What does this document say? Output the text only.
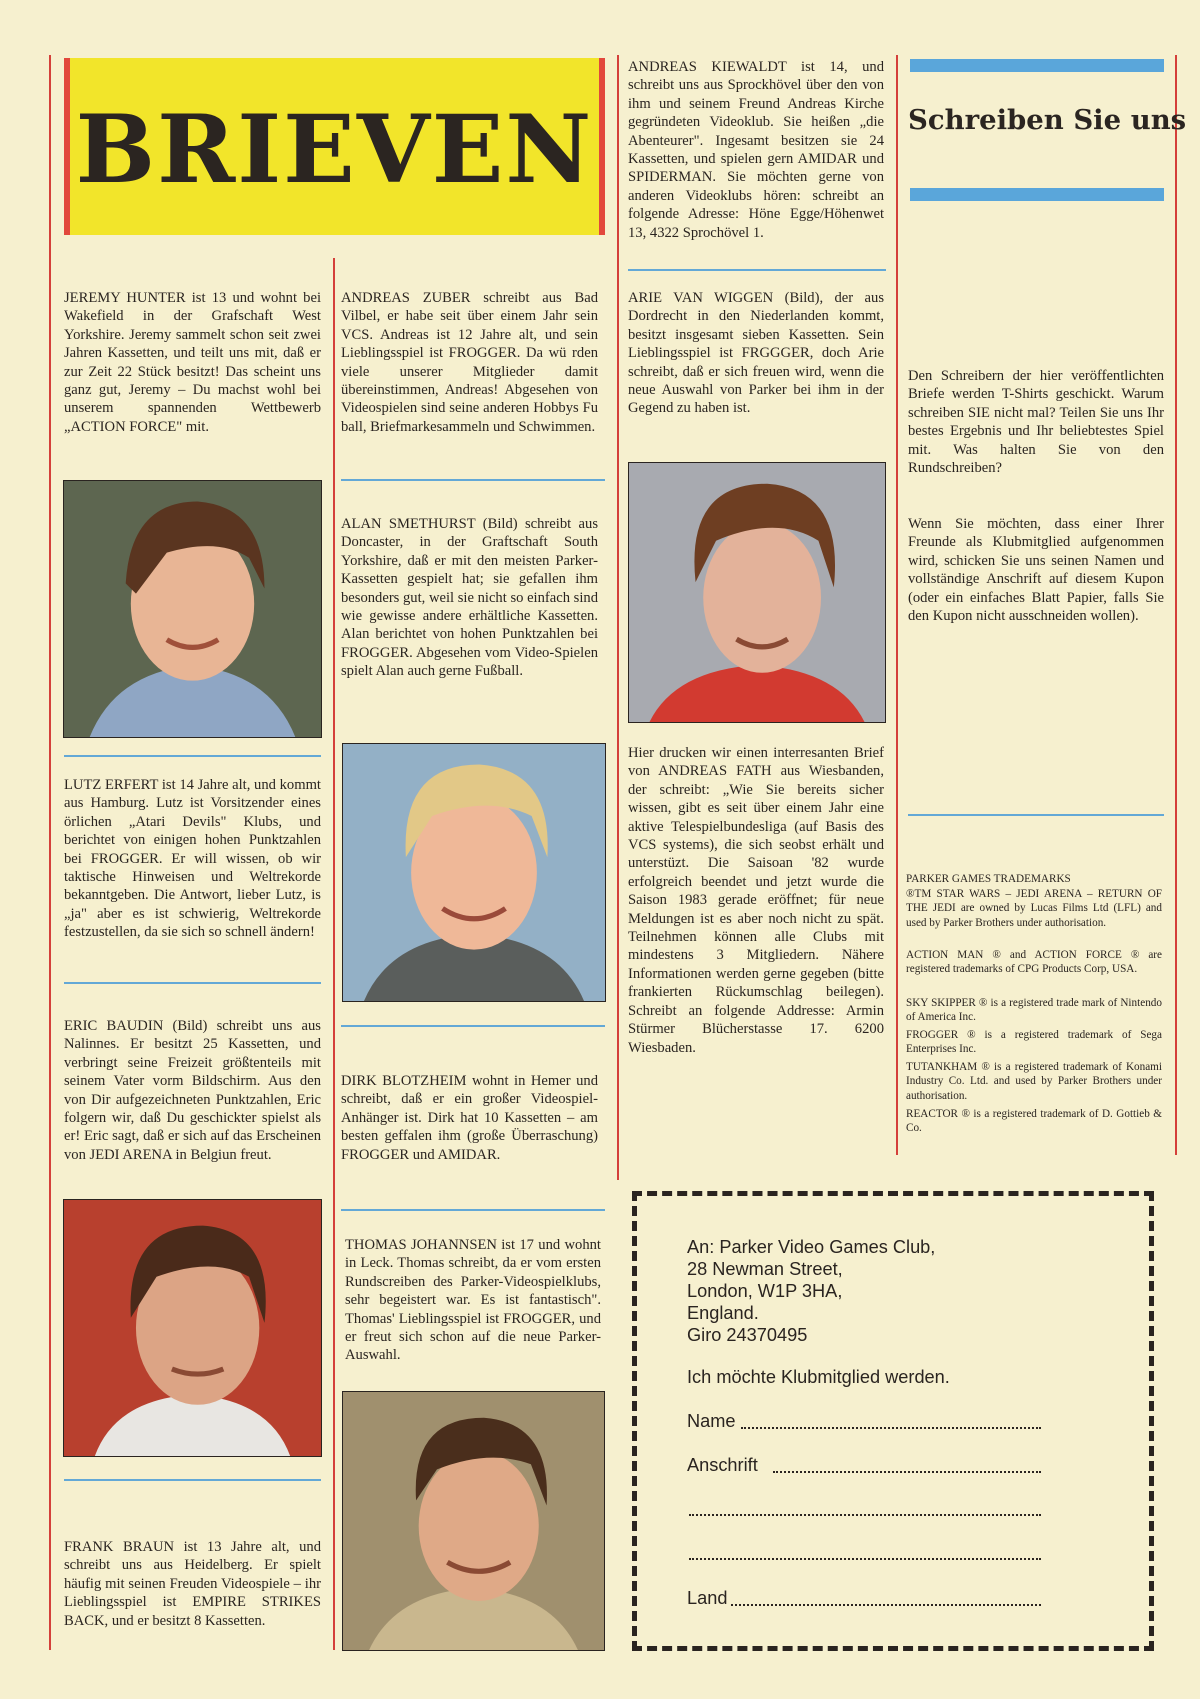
BRIEVEN

JEREMY HUNTER ist 13 und wohnt bei Wakefield in der Grafschaft West Yorkshire. Jeremy sammelt schon seit zwei Jahren Kassetten, und teilt uns mit, daß er zur Zeit 22 Stück besitzt! Das scheint uns ganz gut, Jeremy – Du machst wohl bei unserem spannenden Wettbewerb „ACTION FORCE" mit.

LUTZ ERFERT ist 14 Jahre alt, und kommt aus Hamburg. Lutz ist Vorsitzender eines örlichen „Atari Devils" Klubs, und berichtet von einigen hohen Punktzahlen bei FROGGER. Er will wissen, ob wir taktische Hinweisen und Weltrekorde bekanntgeben. Die Antwort, lieber Lutz, is „ja" aber es ist schwierig, Weltrekorde festzustellen, da sie sich so schnell ändern!

ERIC BAUDIN (Bild) schreibt uns aus Nalinnes. Er besitzt 25 Kassetten, und verbringt seine Freizeit größtenteils mit seinem Vater vorm Bildschirm. Aus den von Dir aufgezeichneten Punktzahlen, Eric folgern wir, daß Du geschickter spielst als er! Eric sagt, daß er sich auf das Erscheinen von JEDI ARENA in Belgiun freut.

FRANK BRAUN ist 13 Jahre alt, und schreibt uns aus Heidelberg. Er spielt häufig mit seinen Freuden Videospiele – ihr Lieblingsspiel ist EMPIRE STRIKES BACK, und er besitzt 8 Kassetten.

ANDREAS ZUBER schreibt aus Bad Vilbel, er habe seit über einem Jahr sein VCS. Andreas ist 12 Jahre alt, und sein Lieblingsspiel ist FROGGER. Da wü rden viele unserer Mitglieder damit übereinstimmen, Andreas! Abgesehen von Videospielen sind seine anderen Hobbys Fu ball, Briefmarkesammeln und Schwimmen.

ALAN SMETHURST (Bild) schreibt aus Doncaster, in der Graftschaft South Yorkshire, daß er mit den meisten Parker-Kassetten gespielt hat; sie gefallen ihm besonders gut, weil sie nicht so einfach sind wie gewisse andere erhältliche Kassetten. Alan berichtet von hohen Punktzahlen bei FROGGER. Abgesehen vom Video-Spielen spielt Alan auch gerne Fußball.

DIRK BLOTZHEIM wohnt in Hemer und schreibt, daß er ein großer Videospiel-Anhänger ist. Dirk hat 10 Kassetten – am besten geffalen ihm (große Überraschung) FROGGER und AMIDAR.

THOMAS JOHANNSEN ist 17 und wohnt in Leck. Thomas schreibt, da er vom ersten Rundscreiben des Parker-Videospielklubs, sehr begeistert war. Es ist fantastisch". Thomas' Lieblingsspiel ist FROGGER, und er freut sich schon auf die neue Parker-Auswahl.

ANDREAS KIEWALDT ist 14, und schreibt uns aus Sprockhövel über den von ihm und seinem Freund Andreas Kirche gegründeten Videoklub. Sie heißen „die Abenteurer". Ingesamt besitzen sie 24 Kassetten, und spielen gern AMIDAR und SPIDERMAN. Sie möchten gerne von anderen Videoklubs hören: schreibt an folgende Adresse: Höne Egge/Höhenwet 13, 4322 Sprochövel 1.

ARIE VAN WIGGEN (Bild), der aus Dordrecht in den Niederlanden kommt, besitzt insgesamt sieben Kassetten. Sein Lieblingsspiel ist FRGGGER, doch Arie schreibt, daß er sich freuen wird, wenn die neue Auswahl von Parker bei ihm in der Gegend zu haben ist.

Hier drucken wir einen interresanten Brief von ANDREAS FATH aus Wiesbanden, der schreibt: „Wie Sie bereits sicher wissen, gibt es seit über einem Jahr eine aktive Telespielbundesliga (auf Basis des VCS systems), die sich seobst erhält und unterstüzt. Die Saisoan '82 wurde erfolgreich beendet und jetzt wurde die Saison 1983 gerade eröffnet; für neue Meldungen ist es aber noch nicht zu spät. Teilnehmen können alle Clubs mit mindestens 3 Mitgliedern. Nähere Informationen werden gerne gegeben (bitte frankierten Rückumschlag beilegen). Schreibt an folgende Addresse: Armin Stürmer Blücherstasse 17. 6200 Wiesbaden.

Schreiben Sie uns

Den Schreibern der hier veröffentlichten Briefe werden T-Shirts geschickt. Warum schreiben SIE nicht mal? Teilen Sie uns Ihr bestes Ergebnis und Ihr beliebtestes Spiel mit. Was halten Sie von den Rundschreiben?

Wenn Sie möchten, dass einer Ihrer Freunde als Klubmitglied aufgenommen wird, schicken Sie uns seinen Namen und vollständige Anschrift auf diesem Kupon (oder ein einfaches Blatt Papier, falls Sie den Kupon nicht ausschneiden wollen).

PARKER GAMES TRADEMARKS

®TM STAR WARS – JEDI ARENA – RETURN OF THE JEDI are owned by Lucas Films Ltd (LFL) and used by Parker Brothers under authorisation.

ACTION MAN ® and ACTION FORCE ® are registered trademarks of CPG Products Corp, USA.

SKY SKIPPER ® is a registered trade mark of Nintendo of America Inc.

FROGGER ® is a registered trademark of Sega Enterprises Inc.

TUTANKHAM ® is a registered trademark of Konami Industry Co. Ltd. and used by Parker Brothers under authorisation.

REACTOR ® is a registered trademark of D. Gottieb & Co.

An: Parker Video Games Club,
28 Newman Street,
London, W1P 3HA,
England.
Giro 24370495
Ich möchte Klubmitglied werden.
Name
Anschrift
Land
